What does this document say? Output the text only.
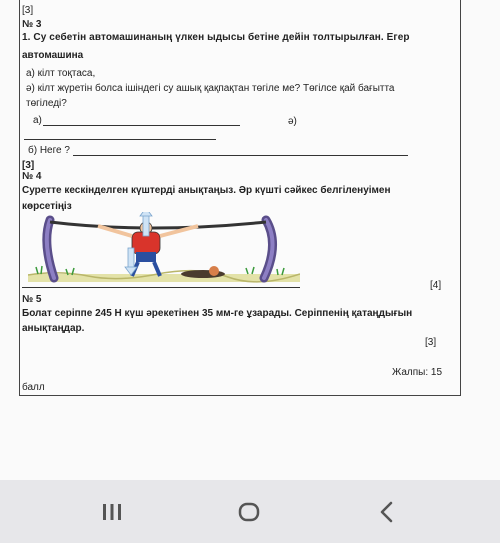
[3]
№ 3
1. Су себетін автомашинаның үлкен ыдысы бетіне дейін толтырылған. Егер
автомашина
а) кілт тоқтаса,
ә) кілт жүретін болса ішіндегі су ашық қақпақтан төгіле ме? Төгілсе қай бағытта
төгіледі?
а)	ә)
б) Неге ?
[3]
№ 4
Суретте кескінделген күштерді анықтаңыз. Әр күшті сәйкес белгіленуімен
көрсетіңіз
[4]
№ 5
Болат серіппе 245 Н күш әрекетінен 35 мм-ге ұзарады. Серіппенің қатаңдығын
анықтаңдар.
[3]
Жалпы: 15
балл
